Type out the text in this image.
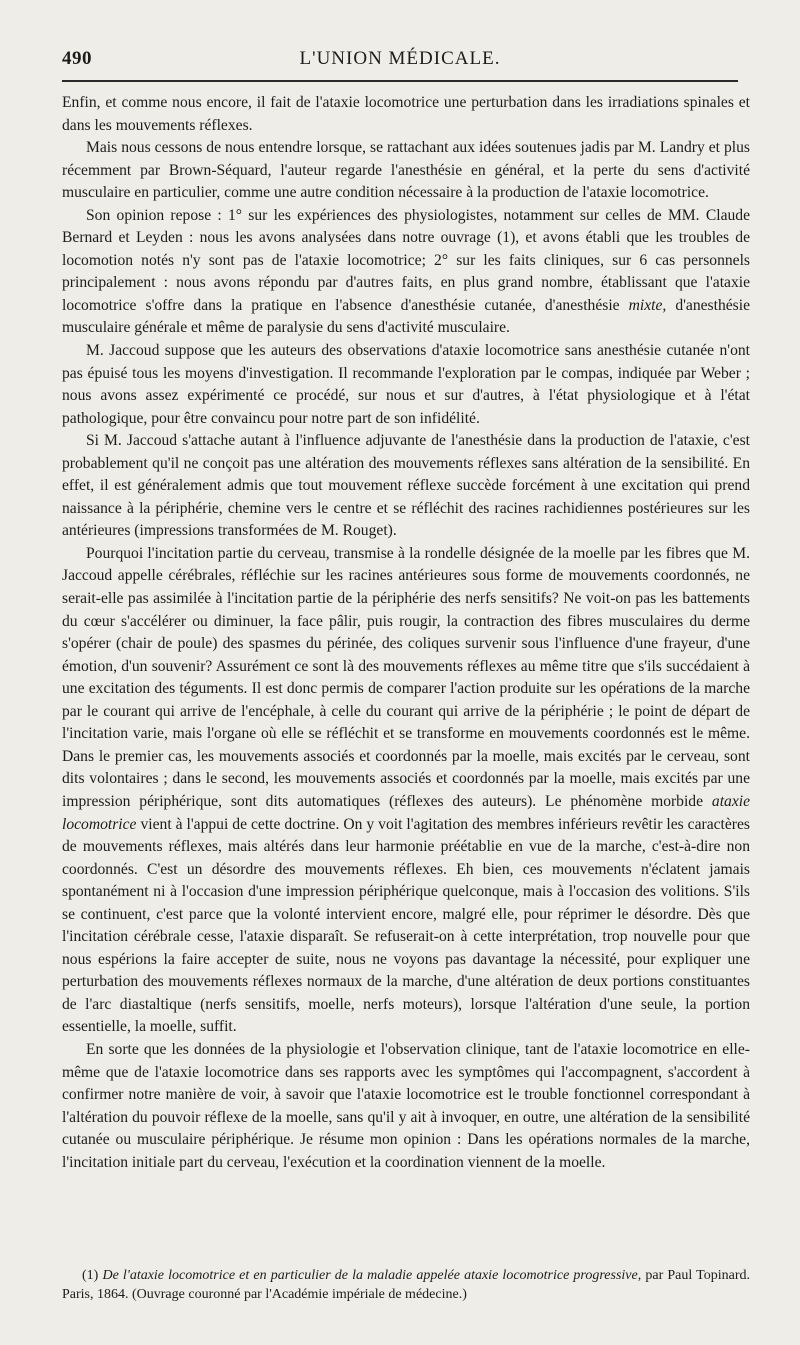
490	L'UNION MÉDICALE.

Enfin, et comme nous encore, il fait de l'ataxie locomotrice une perturbation dans les irradiations spinales et dans les mouvements réflexes.

Mais nous cessons de nous entendre lorsque, se rattachant aux idées soutenues jadis par M. Landry et plus récemment par Brown-Séquard, l'auteur regarde l'anesthésie en général, et la perte du sens d'activité musculaire en particulier, comme une autre condition nécessaire à la production de l'ataxie locomotrice.

Son opinion repose : 1° sur les expériences des physiologistes, notamment sur celles de MM. Claude Bernard et Leyden : nous les avons analysées dans notre ouvrage (1), et avons établi que les troubles de locomotion notés n'y sont pas de l'ataxie locomotrice; 2° sur les faits cliniques, sur 6 cas personnels principalement : nous avons répondu par d'autres faits, en plus grand nombre, établissant que l'ataxie locomotrice s'offre dans la pratique en l'absence d'anesthésie cutanée, d'anesthésie mixte, d'anesthésie musculaire générale et même de paralysie du sens d'activité musculaire.

M. Jaccoud suppose que les auteurs des observations d'ataxie locomotrice sans anesthésie cutanée n'ont pas épuisé tous les moyens d'investigation. Il recommande l'exploration par le compas, indiquée par Weber ; nous avons assez expérimenté ce procédé, sur nous et sur d'autres, à l'état physiologique et à l'état pathologique, pour être convaincu pour notre part de son infidélité.

Si M. Jaccoud s'attache autant à l'influence adjuvante de l'anesthésie dans la production de l'ataxie, c'est probablement qu'il ne conçoit pas une altération des mouvements réflexes sans altération de la sensibilité. En effet, il est généralement admis que tout mouvement réflexe succède forcément à une excitation qui prend naissance à la périphérie, chemine vers le centre et se réfléchit des racines rachidiennes postérieures sur les antérieures (impressions transformées de M. Rouget).

Pourquoi l'incitation partie du cerveau, transmise à la rondelle désignée de la moelle par les fibres que M. Jaccoud appelle cérébrales, réfléchie sur les racines antérieures sous forme de mouvements coordonnés, ne serait-elle pas assimilée à l'incitation partie de la périphérie des nerfs sensitifs? Ne voit-on pas les battements du cœur s'accélérer ou diminuer, la face pâlir, puis rougir, la contraction des fibres musculaires du derme s'opérer (chair de poule) des spasmes du périnée, des coliques survenir sous l'influence d'une frayeur, d'une émotion, d'un souvenir? Assurément ce sont là des mouvements réflexes au même titre que s'ils succédaient à une excitation des téguments. Il est donc permis de comparer l'action produite sur les opérations de la marche par le courant qui arrive de l'encéphale, à celle du courant qui arrive de la périphérie ; le point de départ de l'incitation varie, mais l'organe où elle se réfléchit et se transforme en mouvements coordonnés est le même. Dans le premier cas, les mouvements associés et coordonnés par la moelle, mais excités par le cerveau, sont dits volontaires ; dans le second, les mouvements associés et coordonnés par la moelle, mais excités par une impression périphérique, sont dits automatiques (réflexes des auteurs). Le phénomène morbide ataxie locomotrice vient à l'appui de cette doctrine. On y voit l'agitation des membres inférieurs revêtir les caractères de mouvements réflexes, mais altérés dans leur harmonie préétablie en vue de la marche, c'est-à-dire non coordonnés. C'est un désordre des mouvements réflexes. Eh bien, ces mouvements n'éclatent jamais spontanément ni à l'occasion d'une impression périphérique quelconque, mais à l'occasion des volitions. S'ils se continuent, c'est parce que la volonté intervient encore, malgré elle, pour réprimer le désordre. Dès que l'incitation cérébrale cesse, l'ataxie disparaît. Se refuserait-on à cette interprétation, trop nouvelle pour que nous espérions la faire accepter de suite, nous ne voyons pas davantage la nécessité, pour expliquer une perturbation des mouvements réflexes normaux de la marche, d'une altération de deux portions constituantes de l'arc diastaltique (nerfs sensitifs, moelle, nerfs moteurs), lorsque l'altération d'une seule, la portion essentielle, la moelle, suffit.

En sorte que les données de la physiologie et l'observation clinique, tant de l'ataxie locomotrice en elle-même que de l'ataxie locomotrice dans ses rapports avec les symptômes qui l'accompagnent, s'accordent à confirmer notre manière de voir, à savoir que l'ataxie locomotrice est le trouble fonctionnel correspondant à l'altération du pouvoir réflexe de la moelle, sans qu'il y ait à invoquer, en outre, une altération de la sensibilité cutanée ou musculaire périphérique. Je résume mon opinion : Dans les opérations normales de la marche, l'incitation initiale part du cerveau, l'exécution et la coordination viennent de la moelle.

(1) De l'ataxie locomotrice et en particulier de la maladie appelée ataxie locomotrice progressive, par Paul Topinard. Paris, 1864. (Ouvrage couronné par l'Académie impériale de médecine.)
